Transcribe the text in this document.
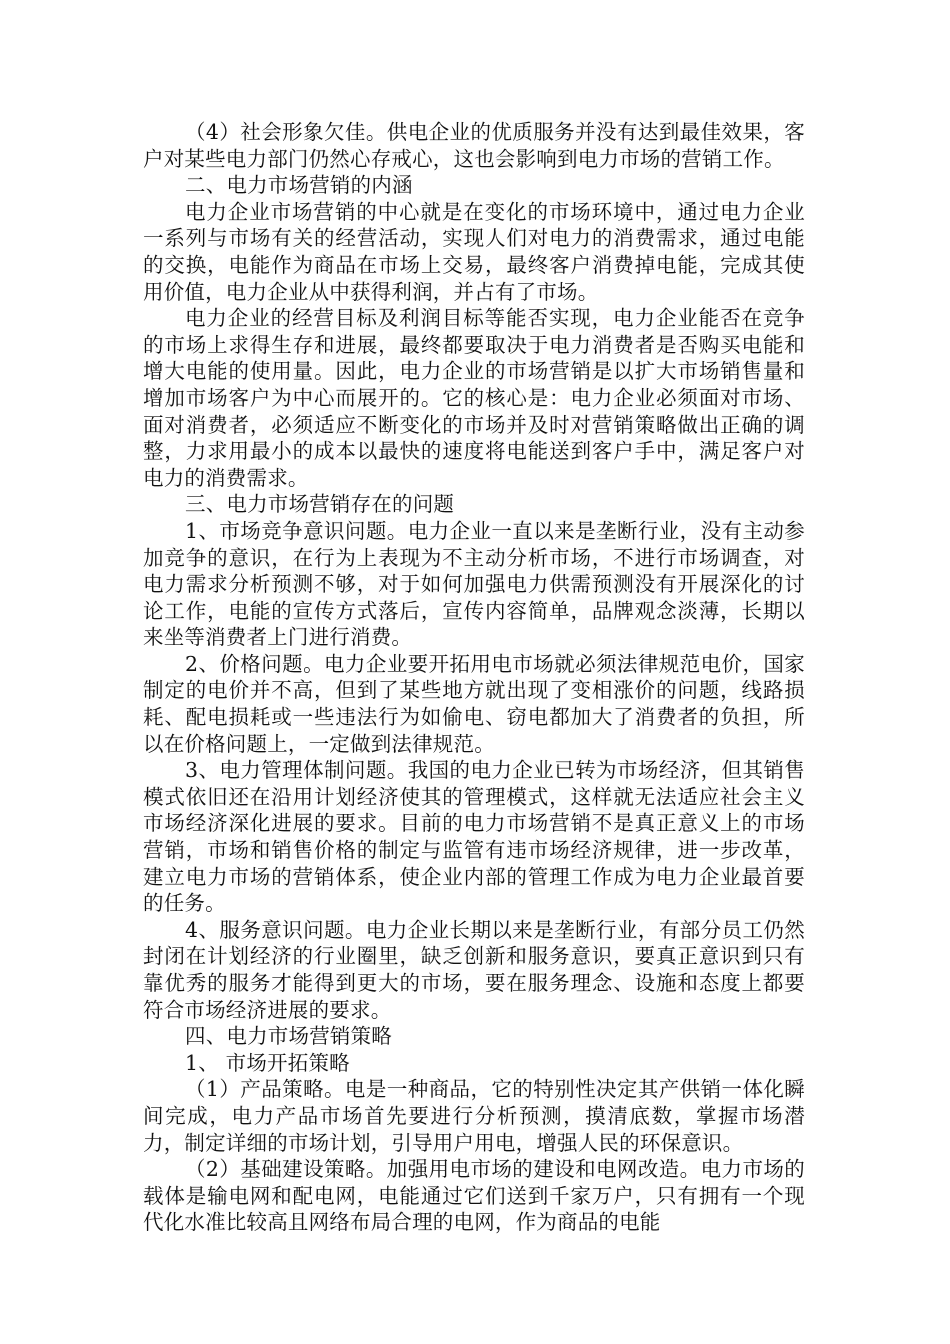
（4）社会形象欠佳。供电企业的优质服务并没有达到最佳效果，客户对某些电力部门仍然心存戒心，这也会影响到电力市场的营销工作。

二、电力市场营销的内涵

电力企业市场营销的中心就是在变化的市场环境中，通过电力企业一系列与市场有关的经营活动，实现人们对电力的消费需求，通过电能的交换，电能作为商品在市场上交易，最终客户消费掉电能，完成其使用价值，电力企业从中获得利润，并占有了市场。

电力企业的经营目标及利润目标等能否实现，电力企业能否在竞争的市场上求得生存和进展，最终都要取决于电力消费者是否购买电能和增大电能的使用量。因此，电力企业的市场营销是以扩大市场销售量和增加市场客户为中心而展开的。它的核心是：电力企业必须面对市场、面对消费者，必须适应不断变化的市场并及时对营销策略做出正确的调整，力求用最小的成本以最快的速度将电能送到客户手中，满足客户对电力的消费需求。

三、电力市场营销存在的问题

1、市场竞争意识问题。电力企业一直以来是垄断行业，没有主动参加竞争的意识，在行为上表现为不主动分析市场，不进行市场调查，对电力需求分析预测不够，对于如何加强电力供需预测没有开展深化的讨论工作，电能的宣传方式落后，宣传内容简单，品牌观念淡薄，长期以来坐等消费者上门进行消费。

2、价格问题。电力企业要开拓用电市场就必须法律规范电价，国家制定的电价并不高，但到了某些地方就出现了变相涨价的问题，线路损耗、配电损耗或一些违法行为如偷电、窃电都加大了消费者的负担，所以在价格问题上，一定做到法律规范。

3、电力管理体制问题。我国的电力企业已转为市场经济，但其销售模式依旧还在沿用计划经济使其的管理模式，这样就无法适应社会主义市场经济深化进展的要求。目前的电力市场营销不是真正意义上的市场营销，市场和销售价格的制定与监管有违市场经济规律，进一步改革，建立电力市场的营销体系，使企业内部的管理工作成为电力企业最首要的任务。

4、服务意识问题。电力企业长期以来是垄断行业，有部分员工仍然封闭在计划经济的行业圈里，缺乏创新和服务意识，要真正意识到只有靠优秀的服务才能得到更大的市场，要在服务理念、设施和态度上都要符合市场经济进展的要求。

四、电力市场营销策略

1、 市场开拓策略

（1）产品策略。电是一种商品，它的特别性决定其产供销一体化瞬间完成，电力产品市场首先要进行分析预测，摸清底数，掌握市场潜力，制定详细的市场计划，引导用户用电，增强人民的环保意识。

（2）基础建设策略。加强用电市场的建设和电网改造。电力市场的载体是输电网和配电网，电能通过它们送到千家万户，只有拥有一个现代化水准比较高且网络布局合理的电网，作为商品的电能
